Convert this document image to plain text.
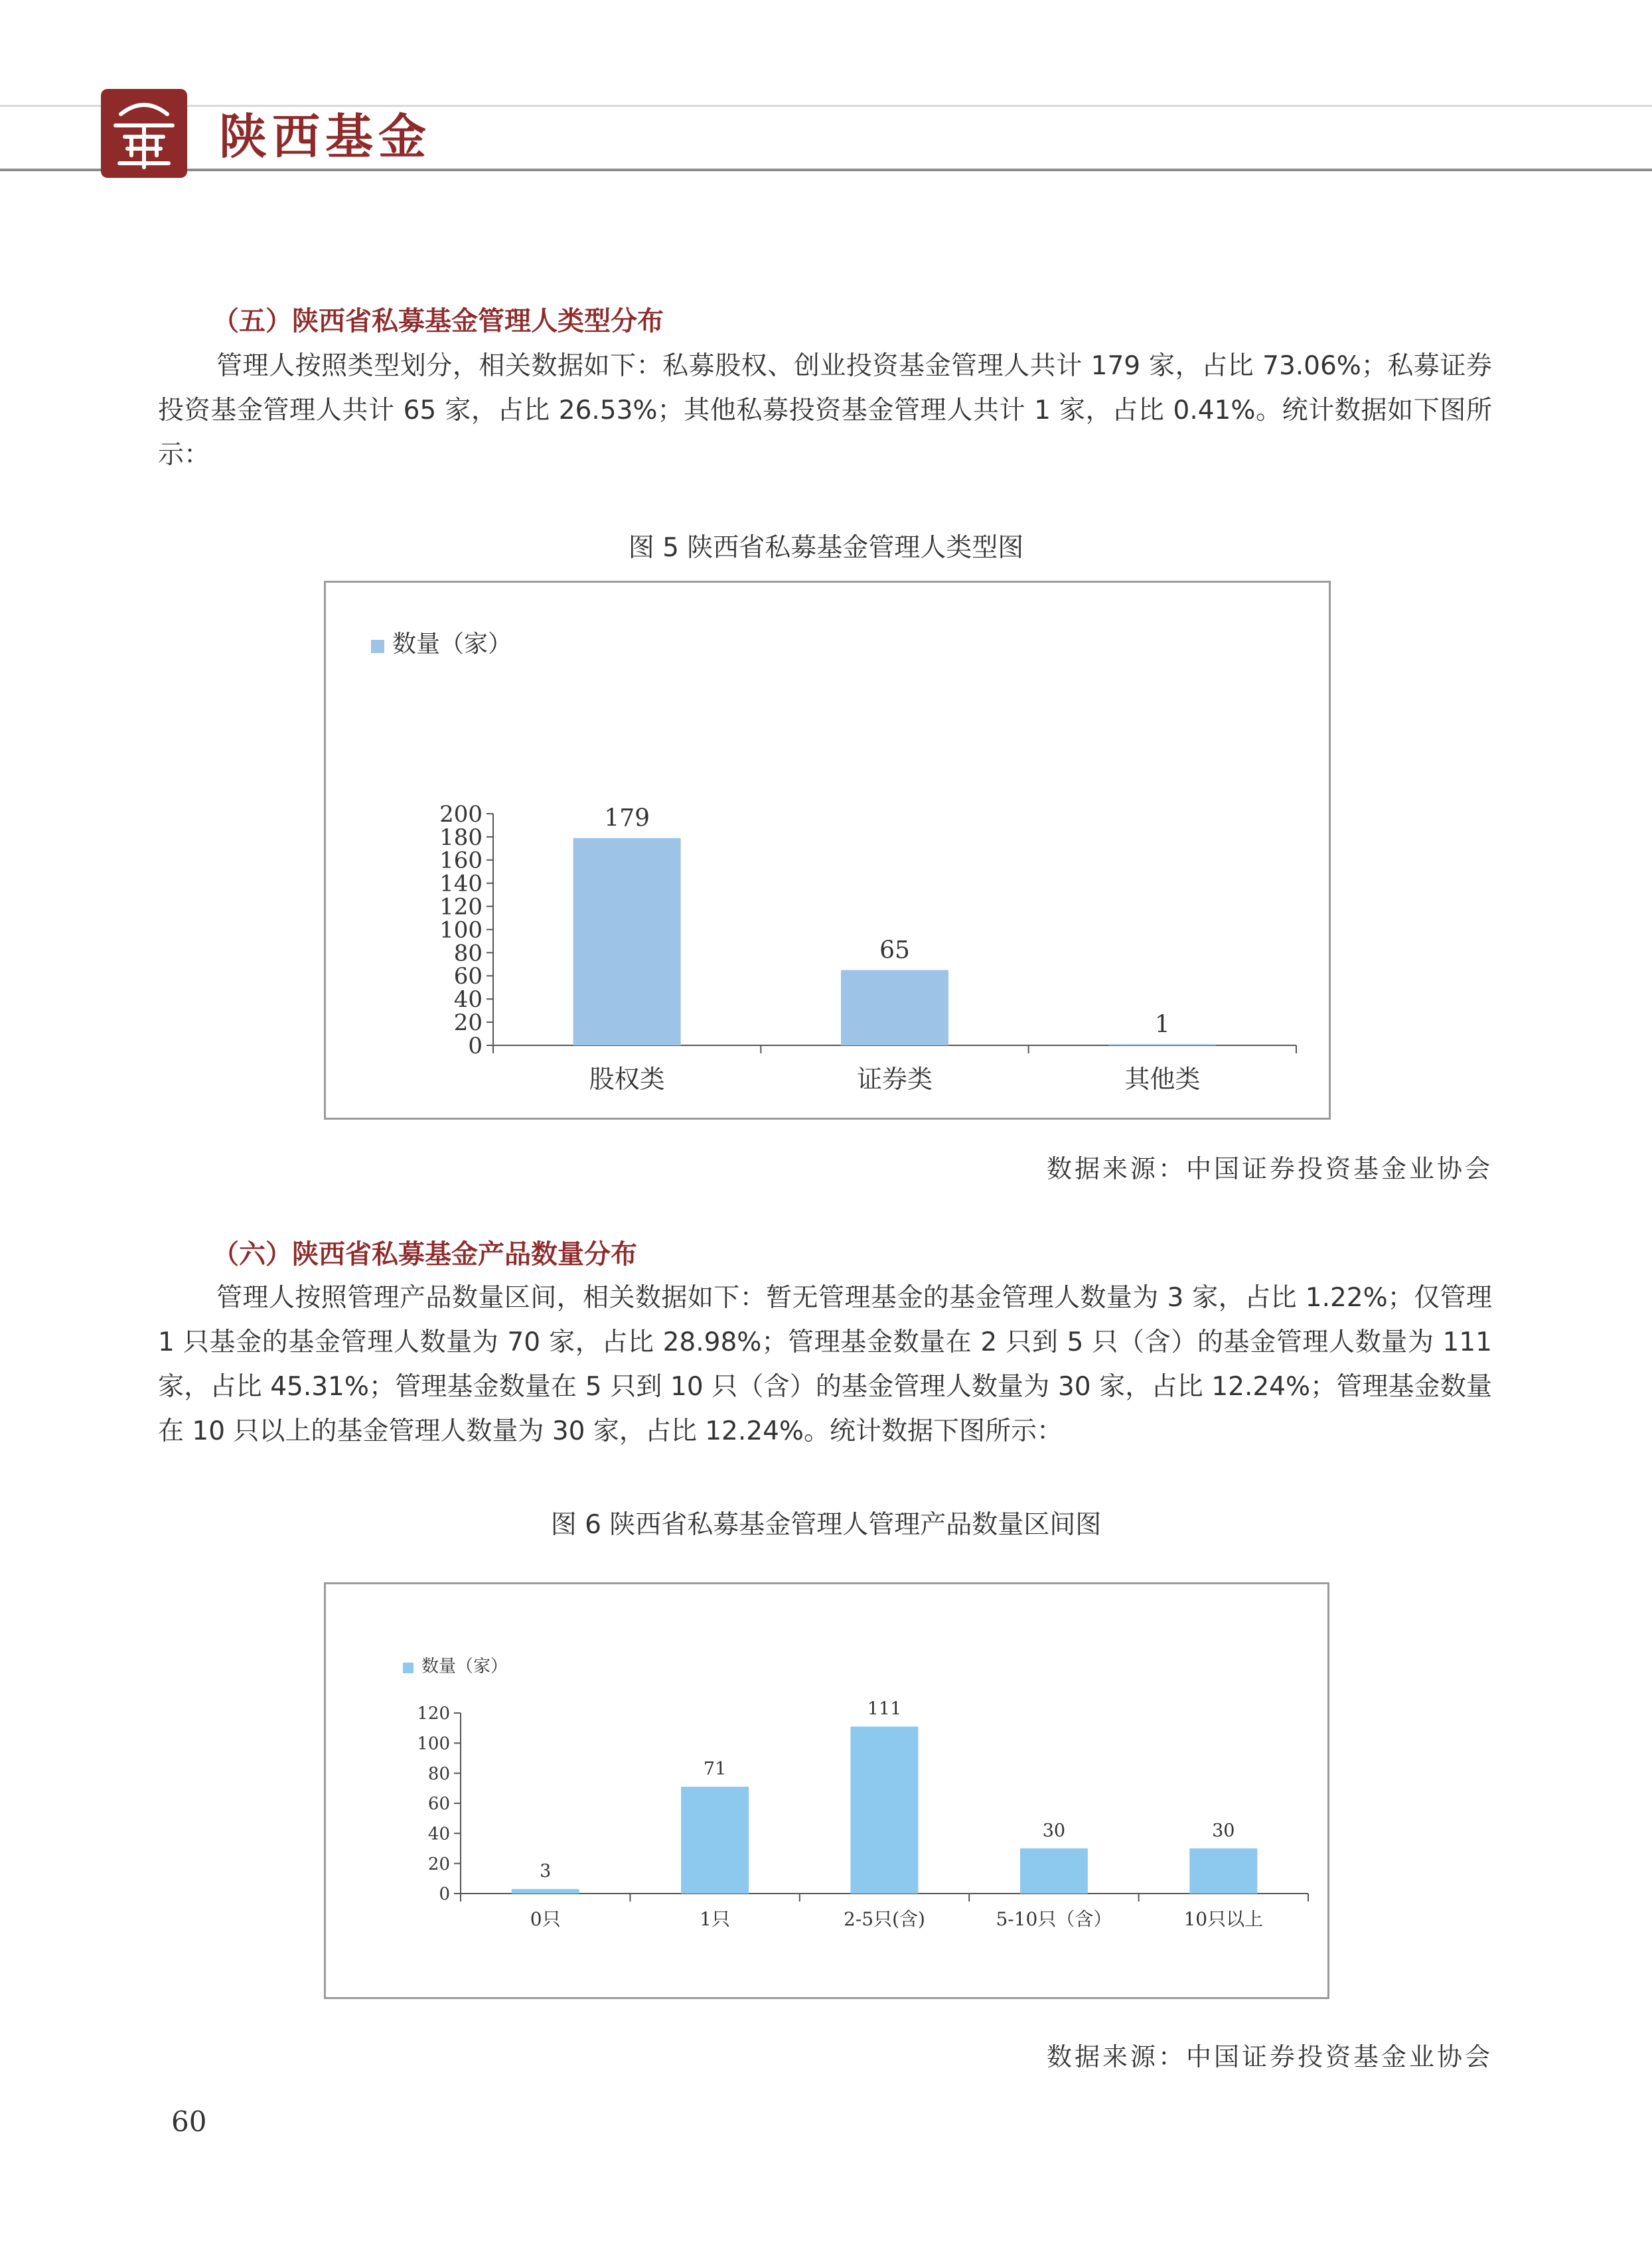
陕西基金
（五）陕西省私募基金管理人类型分布
管理人按照类型划分，相关数据如下：私募股权、创业投资基金管理人共计 179 家，占比 73.06%；私募证券投资基金管理人共计 65 家，占比 26.53%；其他私募投资基金管理人共计 1 家，占比 0.41%。统计数据如下图所示：
图 5 陕西省私募基金管理人类型图
数量（家）
0
20
40
60
80
100
120
140
160
180
200	179
股权类
65
证券类
1
其他类
数据来源：中国证券投资基金业协会
（六）陕西省私募基金产品数量分布
管理人按照管理产品数量区间，相关数据如下：暂无管理基金的基金管理人数量为 3 家，占比 1.22%；仅管理 1 只基金的基金管理人数量为 70 家，占比 28.98%；管理基金数量在 2 只到 5 只（含）的基金管理人数量为 111 家，占比 45.31%；管理基金数量在 5 只到 10 只（含）的基金管理人数量为 30 家，占比 12.24%；管理基金数量在 10 只以上的基金管理人数量为 30 家，占比 12.24%。统计数据下图所示：
图 6 陕西省私募基金管理人管理产品数量区间图
数量（家）
0
20
40
60
80
100
120
3
0只
71
1只
111
2-5只(含)
30
5-10只（含）
30
10只以上
数据来源：中国证券投资基金业协会
60
